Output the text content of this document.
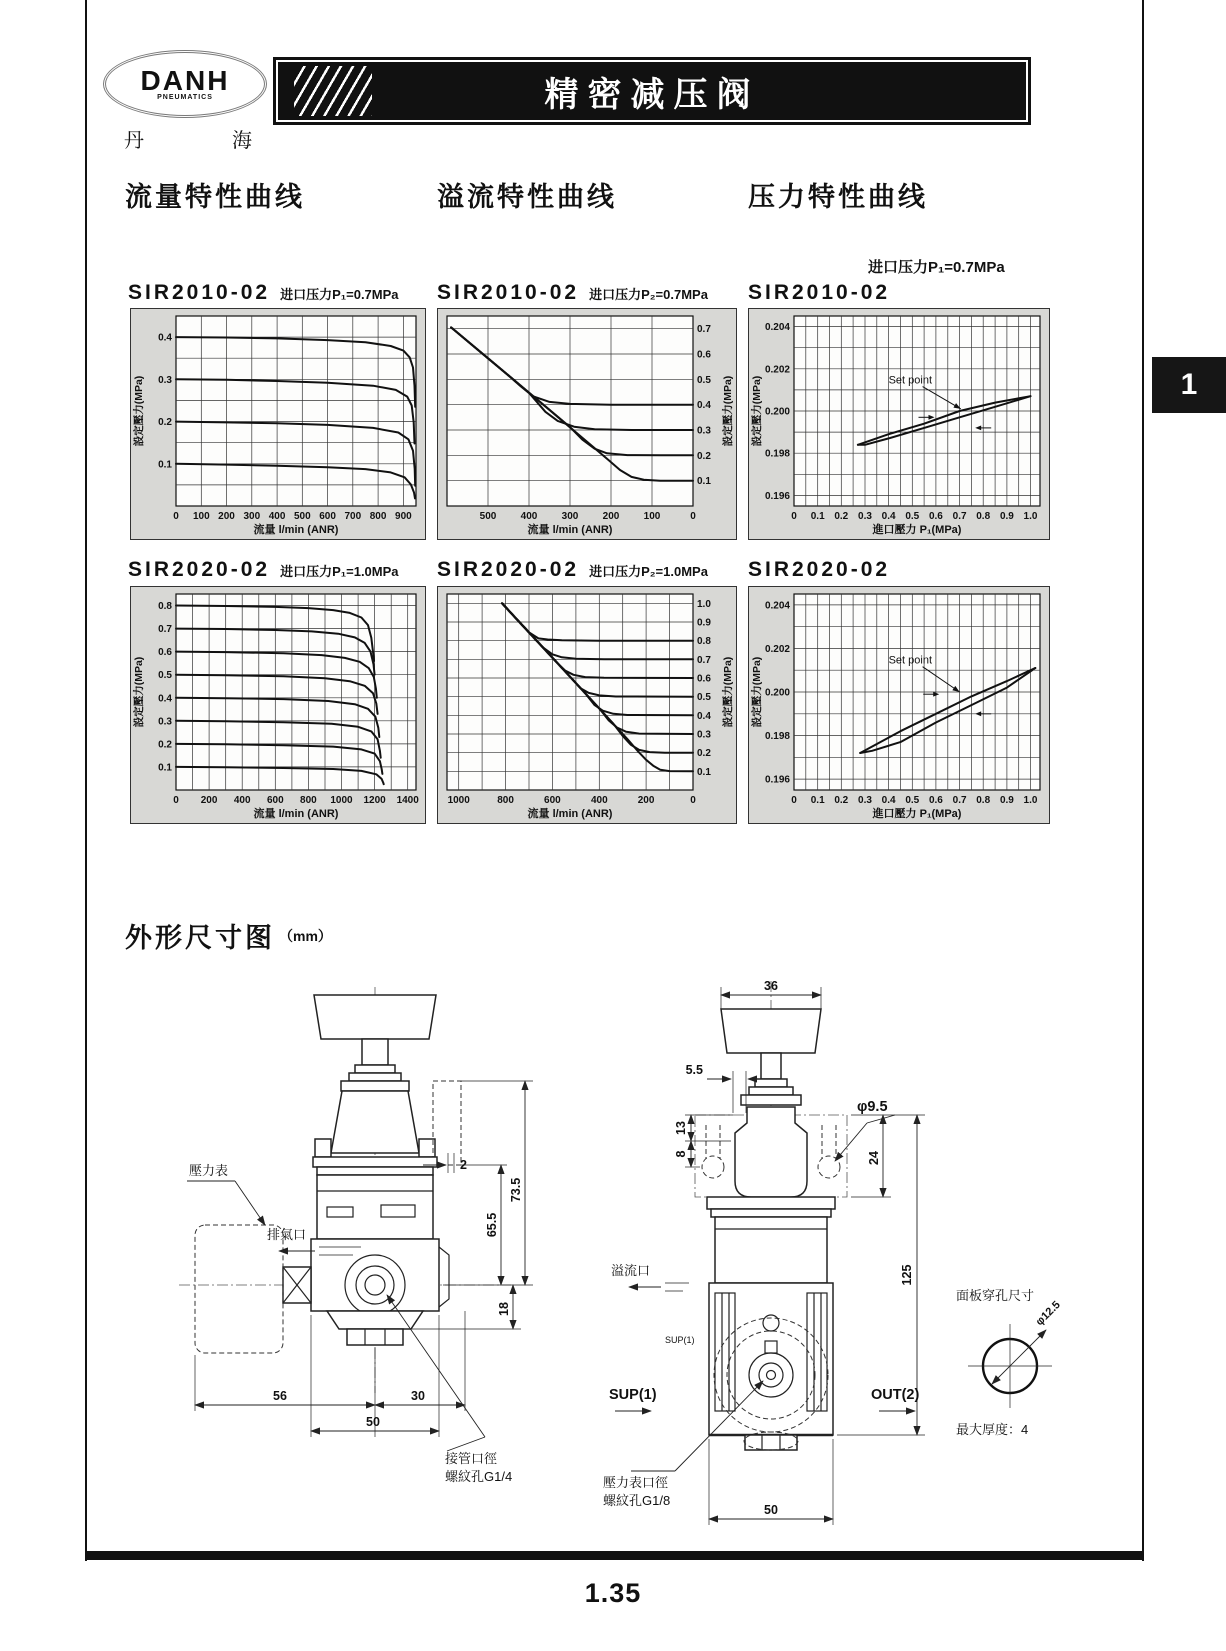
1.35
1
DANH
PNEUMATICS
丹　海
精密减压阀
流量特性曲线	溢流特性曲线	压力特性曲线

进口压力P₁=0.7MPa

SIR2010-02 进口压力P₁=0.7MPa SIR2010-02 进口压力P₂=0.7MPa SIR2010-02
0 100 200 300 400 500 600 700 800 900
0.1
0.2
0.3
0.4
流量 l/min (ANR)
設定壓力(MPa)
500 400 300 200 100	0
0.7
0.6
0.5
0.4
0.3
0.2
0.1
流量 l/min (ANR)
設定壓力(MPa)
0 0.1 0.2 0.3 0.4 0.5 0.6 0.7 0.8 0.9 1.0
0.204
0.202
0.200
0.198
0.196
進口壓力 P₁(MPa)
設定壓力(MPa)	Set point
SIR2020-02 进口压力P₁=1.0MPa SIR2020-02 进口压力P₂=1.0MPa SIR2020-02
0 200 400 600 800 1000 1200 1400
0.1
0.2
0.3
0.4
0.5
0.6
0.7
0.8
流量 l/min (ANR)
設定壓力(MPa)
1000	800	600	400	200	0
1.0
0.9
0.8
0.7
0.6
0.5
0.4
0.3
0.2
0.1
流量 l/min (ANR)
設定壓力(MPa)
0 0.1 0.2 0.3 0.4 0.5 0.6 0.7 0.8 0.9 1.0
0.204
0.202
0.200
0.198
0.196
進口壓力 P₁(MPa)
設定壓力(MPa)	Set point
外形尺寸图 （mm）
壓力表
排氣口
2
65.5
73.5
18
56	30
50
接管口徑
螺紋孔G1/4
36
5.5
13
8
φ9.5
24
125
溢流口
SUP(1)
SUP(1)	OUT(2)
壓力表口徑
螺紋孔G1/8
50
面板穿孔尺寸
φ12.5
最大厚度：4
